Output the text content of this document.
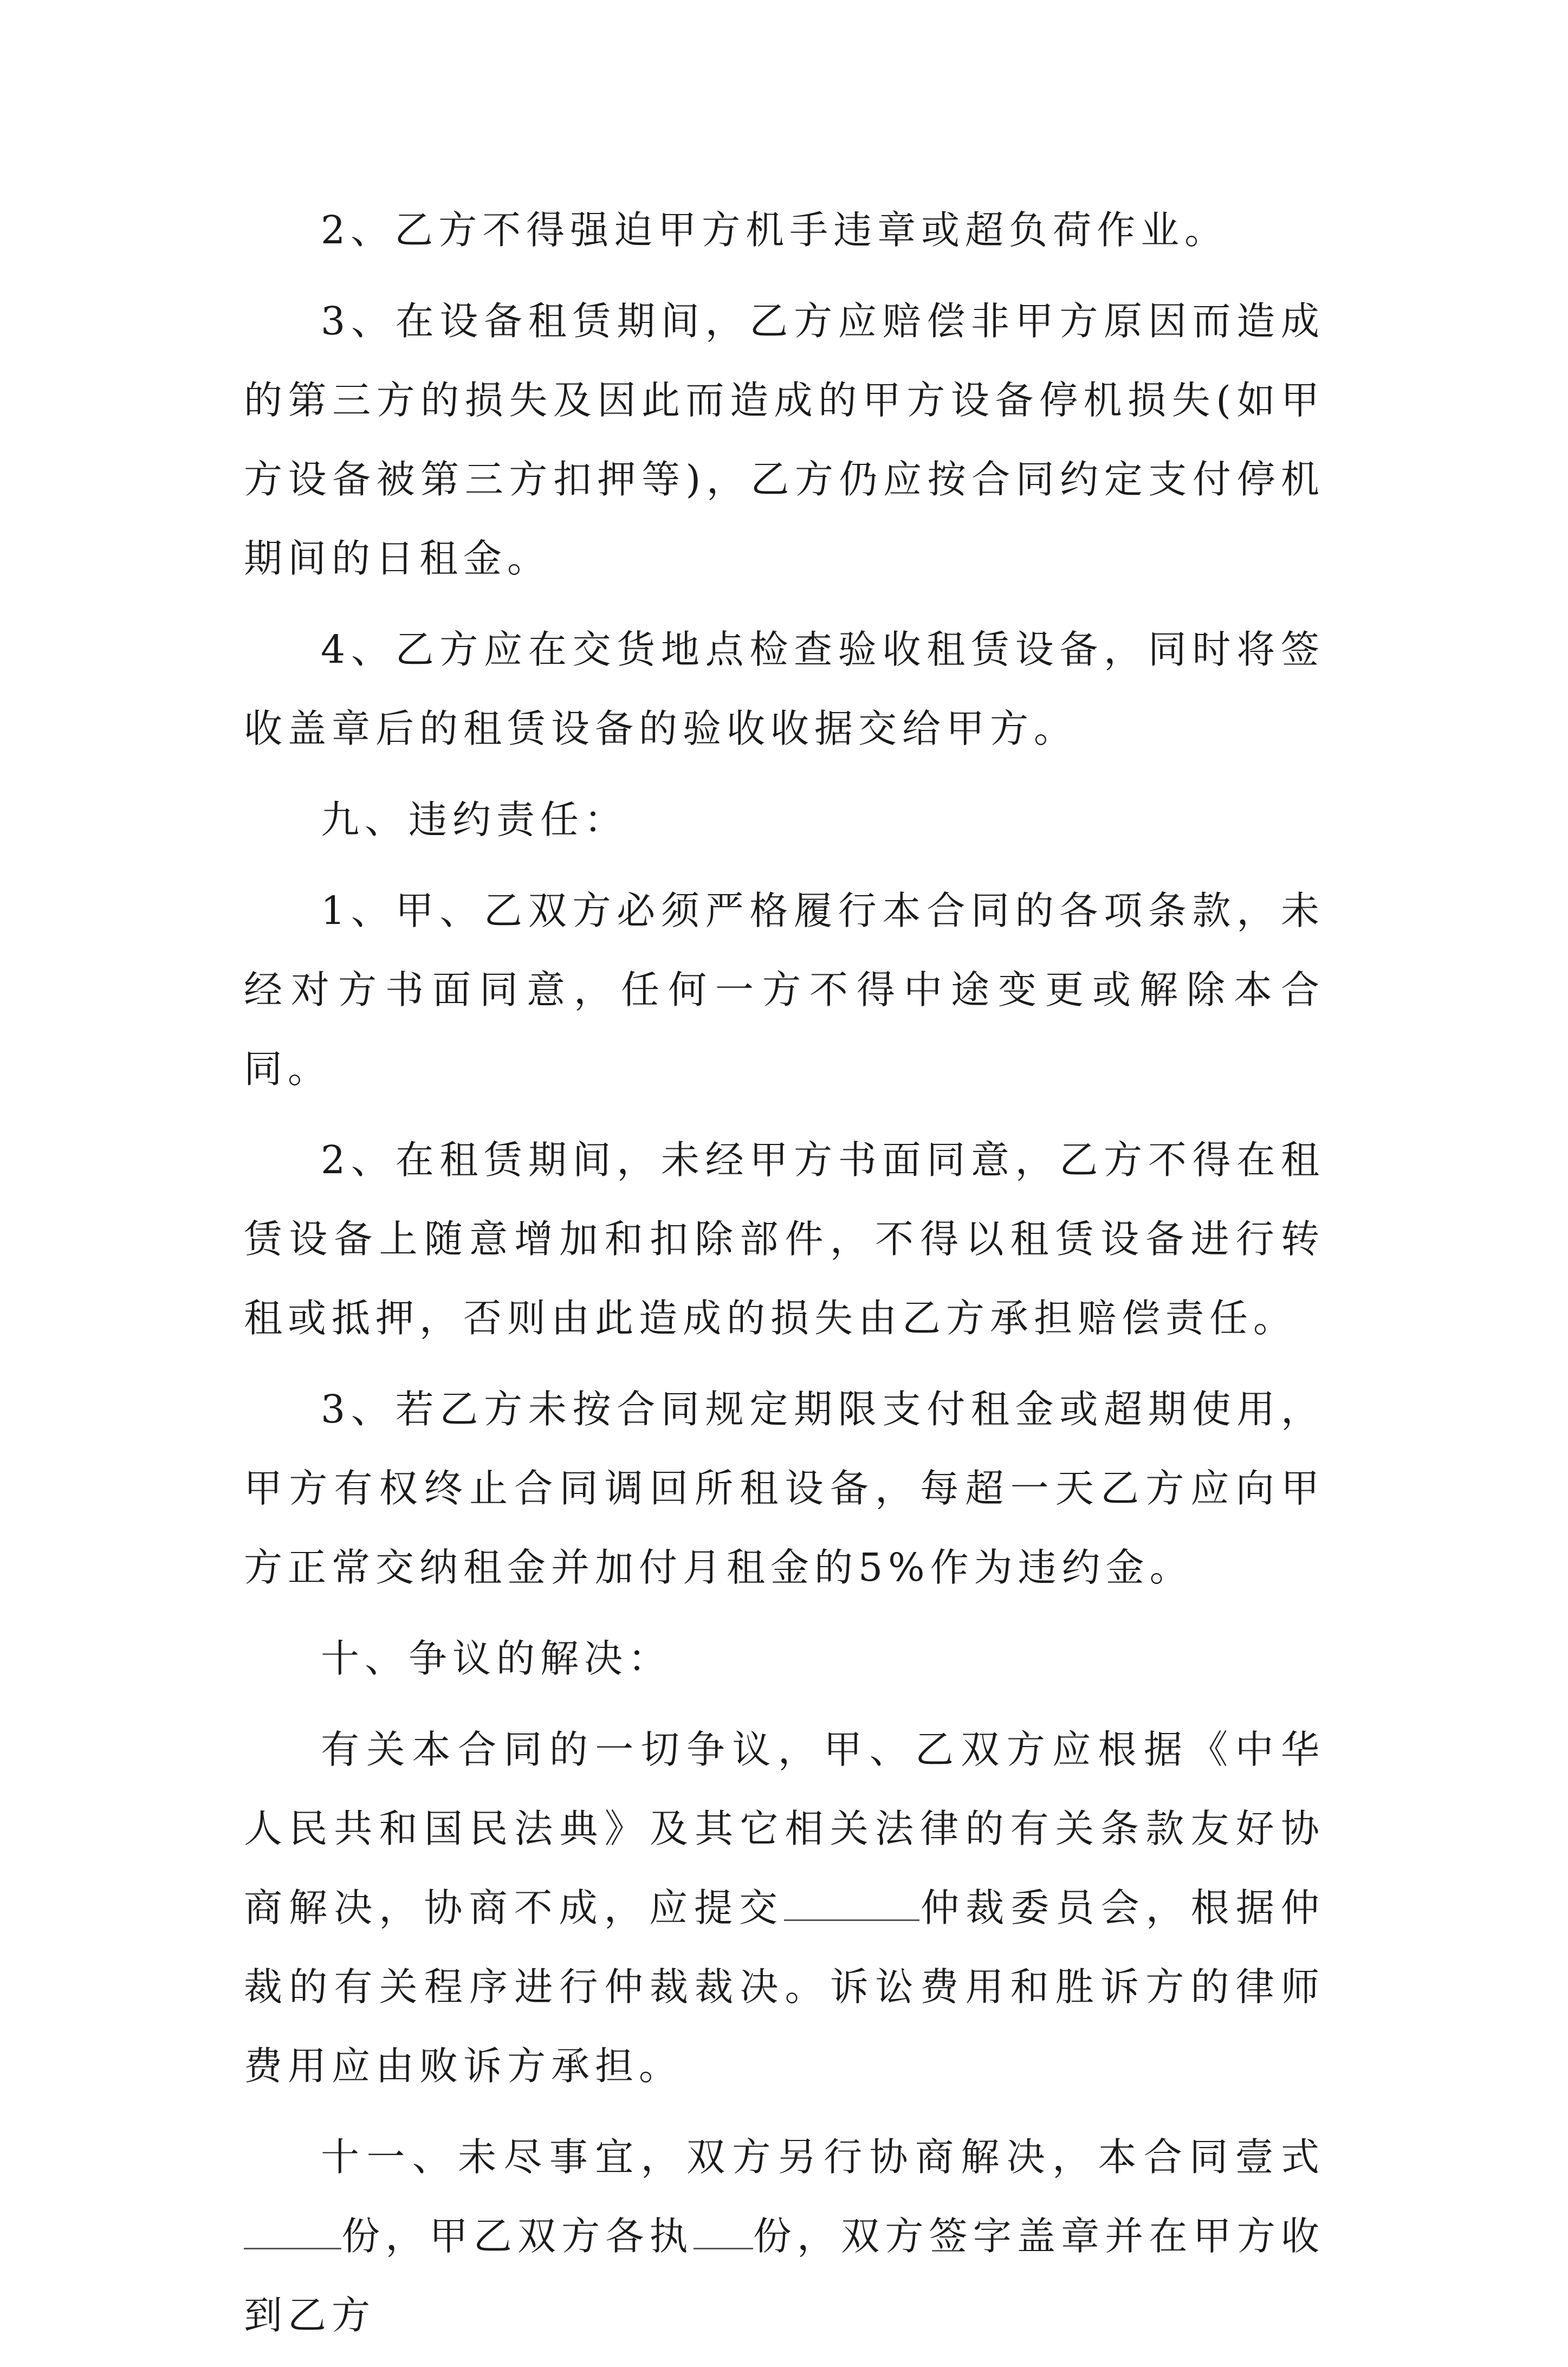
2、乙方不得强迫甲方机手违章或超负荷作业。

3、在设备租赁期间，乙方应赔偿非甲方原因而造成的第三方的损失及因此而造成的甲方设备停机损失(如甲方设备被第三方扣押等)，乙方仍应按合同约定支付停机期间的日租金。

4、乙方应在交货地点检查验收租赁设备，同时将签收盖章后的租赁设备的验收收据交给甲方。

九、违约责任：

1、甲、乙双方必须严格履行本合同的各项条款，未经对方书面同意，任何一方不得中途变更或解除本合同。

2、在租赁期间，未经甲方书面同意，乙方不得在租赁设备上随意增加和扣除部件，不得以租赁设备进行转租或抵押，否则由此造成的损失由乙方承担赔偿责任。

3、若乙方未按合同规定期限支付租金或超期使用，甲方有权终止合同调回所租设备，每超一天乙方应向甲方正常交纳租金并加付月租金的5%作为违约金。

十、争议的解决：

有关本合同的一切争议，甲、乙双方应根据《中华人民共和国民法典》及其它相关法律的有关条款友好协商解决，协商不成，应提交	仲裁委员会，根据仲裁的有关程序进行仲裁裁决。诉讼费用和胜诉方的律师费用应由败诉方承担。

十一、未尽事宜，双方另行协商解决，本合同壹式份，甲乙双方各执 份，双方签字盖章并在甲方收到乙方
